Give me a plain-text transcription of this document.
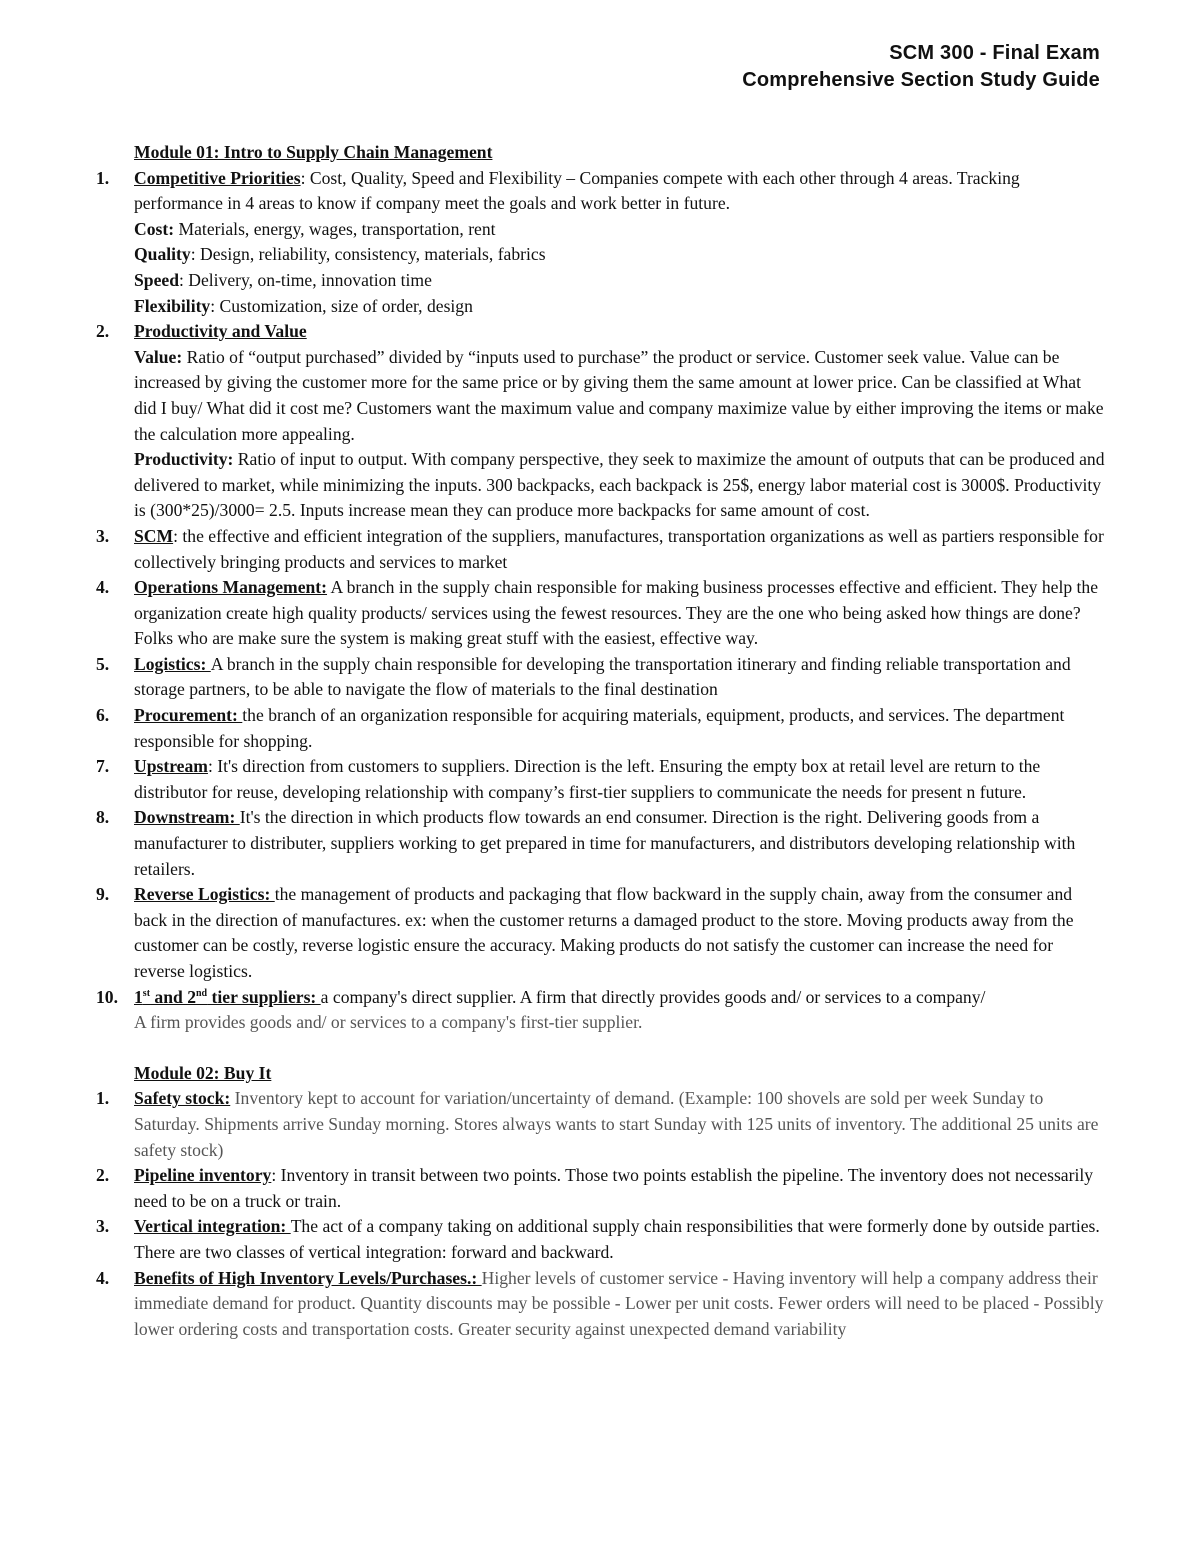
SCM 300 - Final Exam
Comprehensive Section Study Guide
Module 01: Intro to Supply Chain Management
1.	Competitive Priorities: Cost, Quality, Speed and Flexibility – Companies compete with each other through 4 areas. Tracking performance in 4 areas to know if company meet the goals and work better in future.
Cost: Materials, energy, wages, transportation, rent
Quality: Design, reliability, consistency, materials, fabrics
Speed: Delivery, on-time, innovation time
Flexibility: Customization, size of order, design
2.	Productivity and Value
Value: Ratio of “output purchased” divided by “inputs used to purchase” the product or service. Customer seek value. Value can be increased by giving the customer more for the same price or by giving them the same amount at lower price. Can be classified at What did I buy/ What did it cost me? Customers want the maximum value and company maximize value by either improving the items or make the calculation more appealing.
Productivity: Ratio of input to output. With company perspective, they seek to maximize the amount of outputs that can be produced and delivered to market, while minimizing the inputs. 300 backpacks, each backpack is 25$, energy labor material cost is 3000$. Productivity is (300*25)/3000= 2.5. Inputs increase mean they can produce more backpacks for same amount of cost.
3.	SCM: the effective and efficient integration of the suppliers, manufactures, transportation organizations as well as partiers responsible for collectively bringing products and services to market
4.	Operations Management: A branch in the supply chain responsible for making business processes effective and efficient. They help the organization create high quality products/ services using the fewest resources. They are the one who being asked how things are done? Folks who are make sure the system is making great stuff with the easiest, effective way.
5.	Logistics: A branch in the supply chain responsible for developing the transportation itinerary and finding reliable transportation and storage partners, to be able to navigate the flow of materials to the final destination
6.	Procurement: the branch of an organization responsible for acquiring materials, equipment, products, and services. The department responsible for shopping.
7.	Upstream: It's direction from customers to suppliers. Direction is the left. Ensuring the empty box at retail level are return to the distributor for reuse, developing relationship with company’s first-tier suppliers to communicate the needs for present n future.
8.	Downstream: It's the direction in which products flow towards an end consumer. Direction is the right. Delivering goods from a manufacturer to distributer, suppliers working to get prepared in time for manufacturers, and distributors developing relationship with retailers.
9.	Reverse Logistics: the management of products and packaging that flow backward in the supply chain, away from the consumer and back in the direction of manufactures. ex: when the customer returns a damaged product to the store. Moving products away from the customer can be costly, reverse logistic ensure the accuracy. Making products do not satisfy the customer can increase the need for reverse logistics.
10. 1st and 2nd tier suppliers: a company's direct supplier. A firm that directly provides goods and/ or services to a company/
A firm provides goods and/ or services to a company's first-tier supplier.
Module 02: Buy It
1.	Safety stock: Inventory kept to account for variation/uncertainty of demand. (Example: 100 shovels are sold per week Sunday to Saturday. Shipments arrive Sunday morning. Stores always wants to start Sunday with 125 units of inventory. The additional 25 units are safety stock)
2.	Pipeline inventory: Inventory in transit between two points. Those two points establish the pipeline. The inventory does not necessarily need to be on a truck or train.
3.	Vertical integration: The act of a company taking on additional supply chain responsibilities that were formerly done by outside parties. There are two classes of vertical integration: forward and backward.
4.	Benefits of High Inventory Levels/Purchases.: Higher levels of customer service - Having inventory will help a company address their immediate demand for product. Quantity discounts may be possible - Lower per unit costs. Fewer orders will need to be placed - Possibly lower ordering costs and transportation costs. Greater security against unexpected demand variability
